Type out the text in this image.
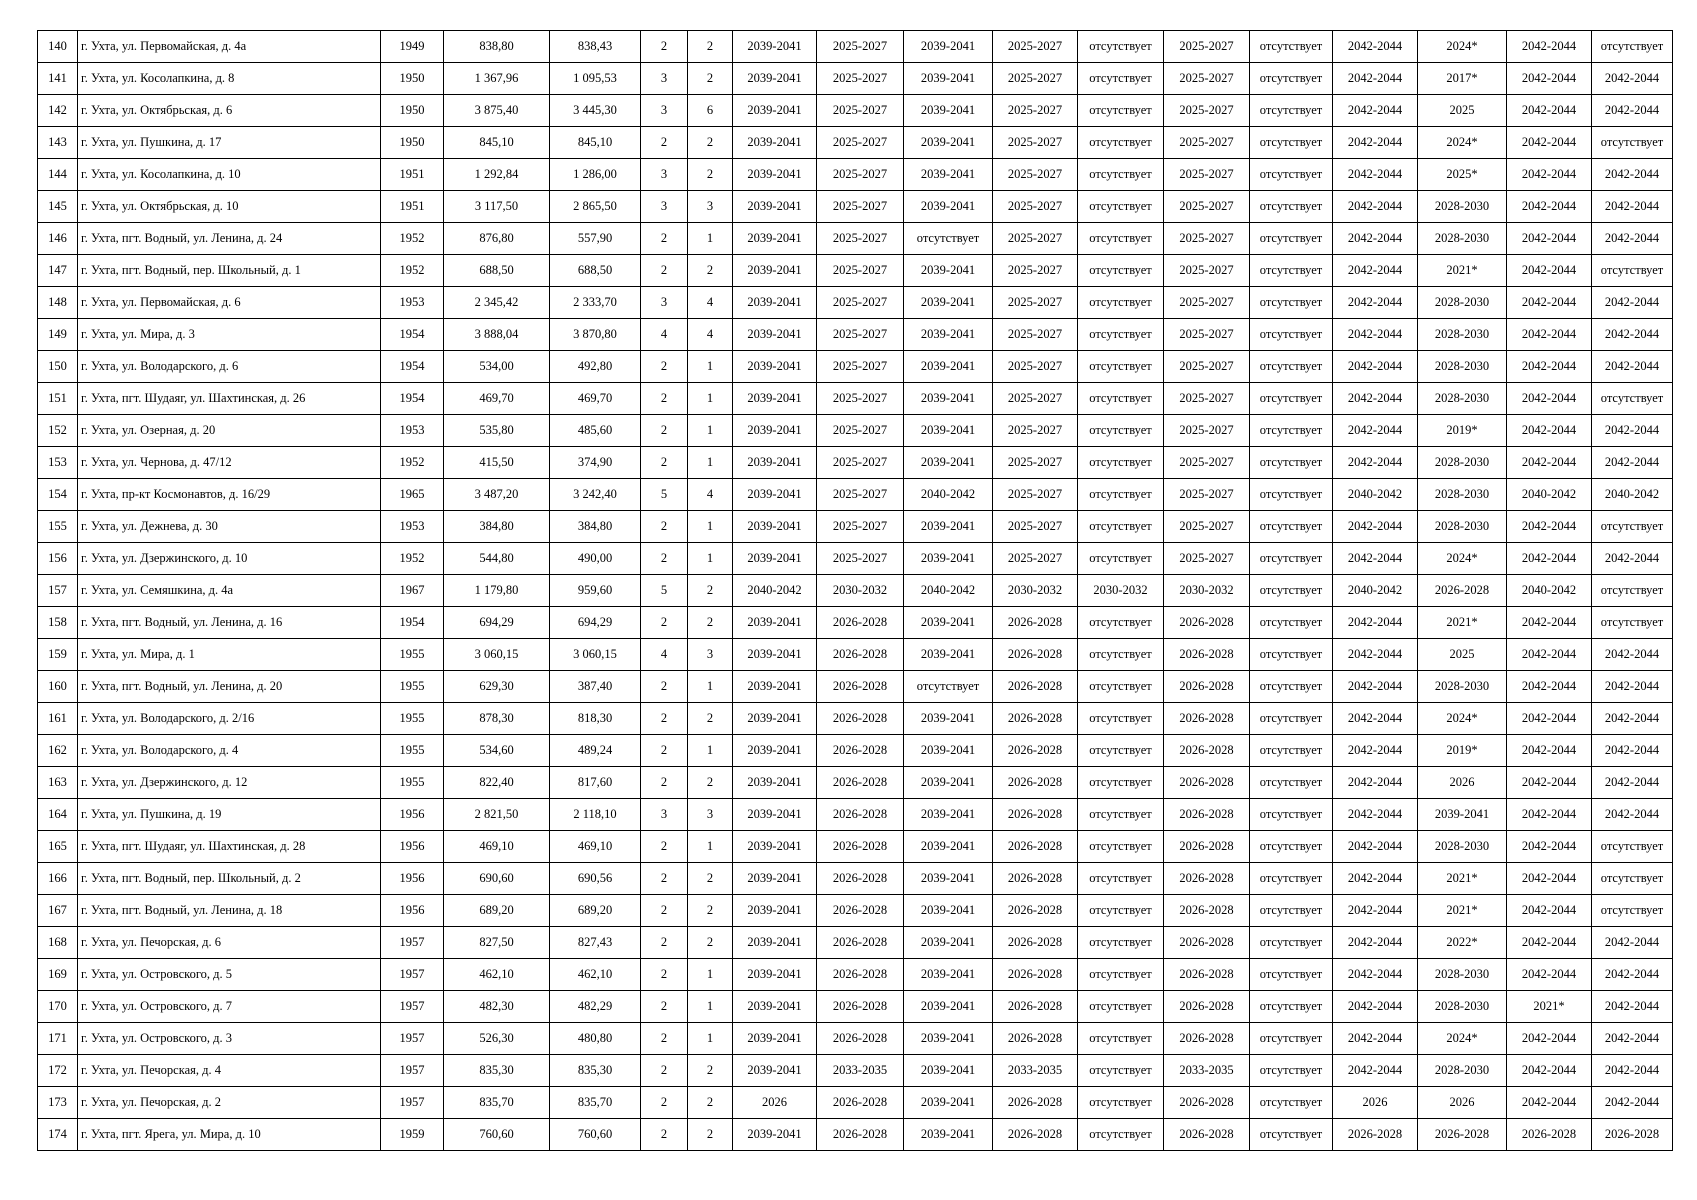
140	г. Ухта, ул. Первомайская, д. 4а	1949	838,80	838,43	2	2	2039-2041	2025-2027	2039-2041	2025-2027	отсутствует	2025-2027	отсутствует	2042-2044	2024*	2042-2044	отсутствует
141	г. Ухта, ул. Косолапкина, д. 8	1950	1 367,96	1 095,53	3	2	2039-2041	2025-2027	2039-2041	2025-2027	отсутствует	2025-2027	отсутствует	2042-2044	2017*	2042-2044	2042-2044
142	г. Ухта, ул. Октябрьская, д. 6	1950	3 875,40	3 445,30	3	6	2039-2041	2025-2027	2039-2041	2025-2027	отсутствует	2025-2027	отсутствует	2042-2044	2025	2042-2044	2042-2044
143	г. Ухта, ул. Пушкина, д. 17	1950	845,10	845,10	2	2	2039-2041	2025-2027	2039-2041	2025-2027	отсутствует	2025-2027	отсутствует	2042-2044	2024*	2042-2044	отсутствует
144	г. Ухта, ул. Косолапкина, д. 10	1951	1 292,84	1 286,00	3	2	2039-2041	2025-2027	2039-2041	2025-2027	отсутствует	2025-2027	отсутствует	2042-2044	2025*	2042-2044	2042-2044
145	г. Ухта, ул. Октябрьская, д. 10	1951	3 117,50	2 865,50	3	3	2039-2041	2025-2027	2039-2041	2025-2027	отсутствует	2025-2027	отсутствует	2042-2044	2028-2030	2042-2044	2042-2044
146	г. Ухта, пгт. Водный, ул. Ленина, д. 24	1952	876,80	557,90	2	1	2039-2041	2025-2027	отсутствует	2025-2027	отсутствует	2025-2027	отсутствует	2042-2044	2028-2030	2042-2044	2042-2044
147	г. Ухта, пгт. Водный, пер. Школьный, д. 1	1952	688,50	688,50	2	2	2039-2041	2025-2027	2039-2041	2025-2027	отсутствует	2025-2027	отсутствует	2042-2044	2021*	2042-2044	отсутствует
148	г. Ухта, ул. Первомайская, д. 6	1953	2 345,42	2 333,70	3	4	2039-2041	2025-2027	2039-2041	2025-2027	отсутствует	2025-2027	отсутствует	2042-2044	2028-2030	2042-2044	2042-2044
149	г. Ухта, ул. Мира, д. 3	1954	3 888,04	3 870,80	4	4	2039-2041	2025-2027	2039-2041	2025-2027	отсутствует	2025-2027	отсутствует	2042-2044	2028-2030	2042-2044	2042-2044
150	г. Ухта, ул. Володарского, д. 6	1954	534,00	492,80	2	1	2039-2041	2025-2027	2039-2041	2025-2027	отсутствует	2025-2027	отсутствует	2042-2044	2028-2030	2042-2044	2042-2044
151	г. Ухта, пгт. Шудаяг, ул. Шахтинская, д. 26	1954	469,70	469,70	2	1	2039-2041	2025-2027	2039-2041	2025-2027	отсутствует	2025-2027	отсутствует	2042-2044	2028-2030	2042-2044	отсутствует
152	г. Ухта, ул. Озерная, д. 20	1953	535,80	485,60	2	1	2039-2041	2025-2027	2039-2041	2025-2027	отсутствует	2025-2027	отсутствует	2042-2044	2019*	2042-2044	2042-2044
153	г. Ухта, ул. Чернова, д. 47/12	1952	415,50	374,90	2	1	2039-2041	2025-2027	2039-2041	2025-2027	отсутствует	2025-2027	отсутствует	2042-2044	2028-2030	2042-2044	2042-2044
154	г. Ухта, пр-кт Космонавтов, д. 16/29	1965	3 487,20	3 242,40	5	4	2039-2041	2025-2027	2040-2042	2025-2027	отсутствует	2025-2027	отсутствует	2040-2042	2028-2030	2040-2042	2040-2042
155	г. Ухта, ул. Дежнева, д. 30	1953	384,80	384,80	2	1	2039-2041	2025-2027	2039-2041	2025-2027	отсутствует	2025-2027	отсутствует	2042-2044	2028-2030	2042-2044	отсутствует
156	г. Ухта, ул. Дзержинского, д. 10	1952	544,80	490,00	2	1	2039-2041	2025-2027	2039-2041	2025-2027	отсутствует	2025-2027	отсутствует	2042-2044	2024*	2042-2044	2042-2044
157	г. Ухта, ул. Семяшкина, д. 4а	1967	1 179,80	959,60	5	2	2040-2042	2030-2032	2040-2042	2030-2032	2030-2032	2030-2032	отсутствует	2040-2042	2026-2028	2040-2042	отсутствует
158	г. Ухта, пгт. Водный, ул. Ленина, д. 16	1954	694,29	694,29	2	2	2039-2041	2026-2028	2039-2041	2026-2028	отсутствует	2026-2028	отсутствует	2042-2044	2021*	2042-2044	отсутствует
159	г. Ухта, ул. Мира, д. 1	1955	3 060,15	3 060,15	4	3	2039-2041	2026-2028	2039-2041	2026-2028	отсутствует	2026-2028	отсутствует	2042-2044	2025	2042-2044	2042-2044
160	г. Ухта, пгт. Водный, ул. Ленина, д. 20	1955	629,30	387,40	2	1	2039-2041	2026-2028	отсутствует	2026-2028	отсутствует	2026-2028	отсутствует	2042-2044	2028-2030	2042-2044	2042-2044
161	г. Ухта, ул. Володарского, д. 2/16	1955	878,30	818,30	2	2	2039-2041	2026-2028	2039-2041	2026-2028	отсутствует	2026-2028	отсутствует	2042-2044	2024*	2042-2044	2042-2044
162	г. Ухта, ул. Володарского, д. 4	1955	534,60	489,24	2	1	2039-2041	2026-2028	2039-2041	2026-2028	отсутствует	2026-2028	отсутствует	2042-2044	2019*	2042-2044	2042-2044
163	г. Ухта, ул. Дзержинского, д. 12	1955	822,40	817,60	2	2	2039-2041	2026-2028	2039-2041	2026-2028	отсутствует	2026-2028	отсутствует	2042-2044	2026	2042-2044	2042-2044
164	г. Ухта, ул. Пушкина, д. 19	1956	2 821,50	2 118,10	3	3	2039-2041	2026-2028	2039-2041	2026-2028	отсутствует	2026-2028	отсутствует	2042-2044	2039-2041	2042-2044	2042-2044
165	г. Ухта, пгт. Шудаяг, ул. Шахтинская, д. 28	1956	469,10	469,10	2	1	2039-2041	2026-2028	2039-2041	2026-2028	отсутствует	2026-2028	отсутствует	2042-2044	2028-2030	2042-2044	отсутствует
166	г. Ухта, пгт. Водный, пер. Школьный, д. 2	1956	690,60	690,56	2	2	2039-2041	2026-2028	2039-2041	2026-2028	отсутствует	2026-2028	отсутствует	2042-2044	2021*	2042-2044	отсутствует
167	г. Ухта, пгт. Водный, ул. Ленина, д. 18	1956	689,20	689,20	2	2	2039-2041	2026-2028	2039-2041	2026-2028	отсутствует	2026-2028	отсутствует	2042-2044	2021*	2042-2044	отсутствует
168	г. Ухта, ул. Печорская, д. 6	1957	827,50	827,43	2	2	2039-2041	2026-2028	2039-2041	2026-2028	отсутствует	2026-2028	отсутствует	2042-2044	2022*	2042-2044	2042-2044
169	г. Ухта, ул. Островского, д. 5	1957	462,10	462,10	2	1	2039-2041	2026-2028	2039-2041	2026-2028	отсутствует	2026-2028	отсутствует	2042-2044	2028-2030	2042-2044	2042-2044
170	г. Ухта, ул. Островского, д. 7	1957	482,30	482,29	2	1	2039-2041	2026-2028	2039-2041	2026-2028	отсутствует	2026-2028	отсутствует	2042-2044	2028-2030	2021*	2042-2044
171	г. Ухта, ул. Островского, д. 3	1957	526,30	480,80	2	1	2039-2041	2026-2028	2039-2041	2026-2028	отсутствует	2026-2028	отсутствует	2042-2044	2024*	2042-2044	2042-2044
172	г. Ухта, ул. Печорская, д. 4	1957	835,30	835,30	2	2	2039-2041	2033-2035	2039-2041	2033-2035	отсутствует	2033-2035	отсутствует	2042-2044	2028-2030	2042-2044	2042-2044
173	г. Ухта, ул. Печорская, д. 2	1957	835,70	835,70	2	2	2026	2026-2028	2039-2041	2026-2028	отсутствует	2026-2028	отсутствует	2026	2026	2042-2044	2042-2044
174	г. Ухта, пгт. Ярега, ул. Мира, д. 10	1959	760,60	760,60	2	2	2039-2041	2026-2028	2039-2041	2026-2028	отсутствует	2026-2028	отсутствует	2026-2028	2026-2028	2026-2028	2026-2028
